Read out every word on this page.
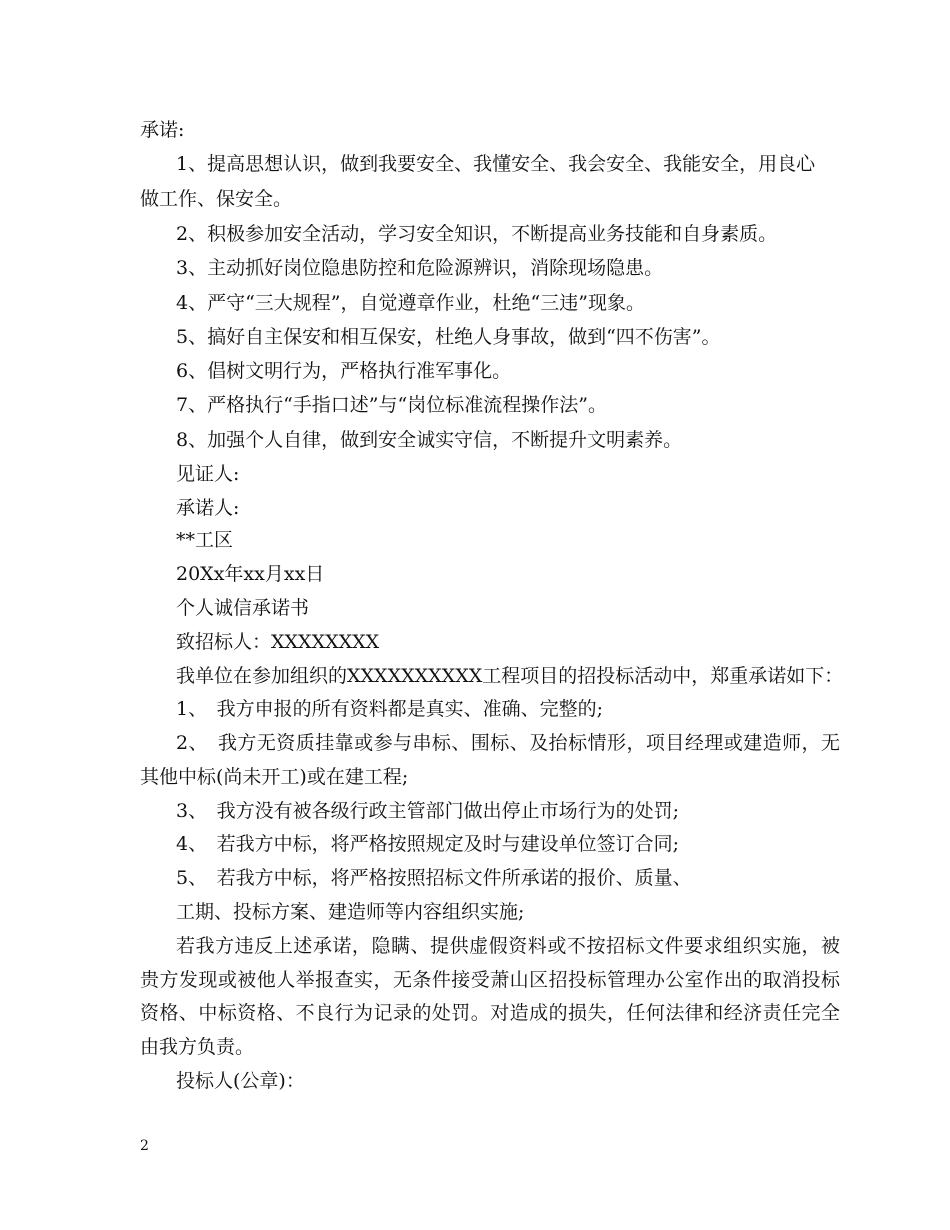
承诺:
1、提高思想认识，做到我要安全、我懂安全、我会安全、我能安全，用良心
做工作、保安全。
2、积极参加安全活动，学习安全知识，不断提高业务技能和自身素质。
3、主动抓好岗位隐患防控和危险源辨识，消除现场隐患。
4、严守“三大规程”，自觉遵章作业，杜绝“三违”现象。
5、搞好自主保安和相互保安，杜绝人身事故，做到“四不伤害”。
6、倡树文明行为，严格执行准军事化。
7、严格执行“手指口述”与“岗位标准流程操作法”。
8、加强个人自律，做到安全诚实守信，不断提升文明素养。
见证人:
承诺人:
**工区
20Xx年xx月xx日
个人诚信承诺书
致招标人：XXXXXXXX
我单位在参加组织的XXXXXXXXXX工程项目的招投标活动中，郑重承诺如下：
1、　我方申报的所有资料都是真实、准确、完整的;
2、　我方无资质挂靠或参与串标、围标、及抬标情形，项目经理或建造师，无
其他中标(尚未开工)或在建工程;
3、　我方没有被各级行政主管部门做出停止市场行为的处罚;
4、　若我方中标，将严格按照规定及时与建设单位签订合同;
5、　若我方中标，将严格按照招标文件所承诺的报价、质量、
工期、投标方案、建造师等内容组织实施;
若我方违反上述承诺，隐瞒、提供虚假资料或不按招标文件要求组织实施，被
贵方发现或被他人举报查实，无条件接受萧山区招投标管理办公室作出的取消投标
资格、中标资格、不良行为记录的处罚。对造成的损失，任何法律和经济责任完全
由我方负责。
投标人(公章)：
2
